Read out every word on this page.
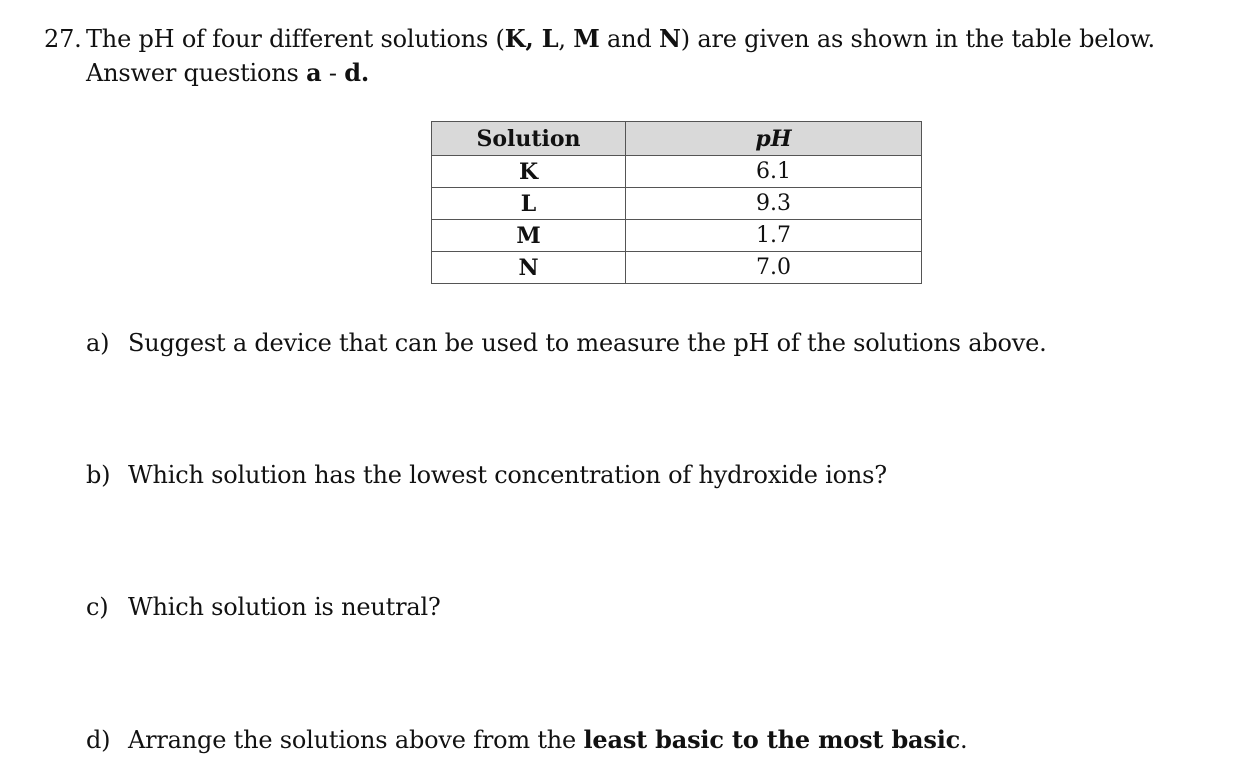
27. The pH of four different solutions (K, L, M and N) are given as shown in the table below.
Answer questions a - d.
Solution	pH
K	6.1
L	9.3
M	1.7
N	7.0
a) Suggest a device that can be used to measure the pH of the solutions above.
b) Which solution has the lowest concentration of hydroxide ions?
c) Which solution is neutral?
d) Arrange the solutions above from the least basic to the most basic.
